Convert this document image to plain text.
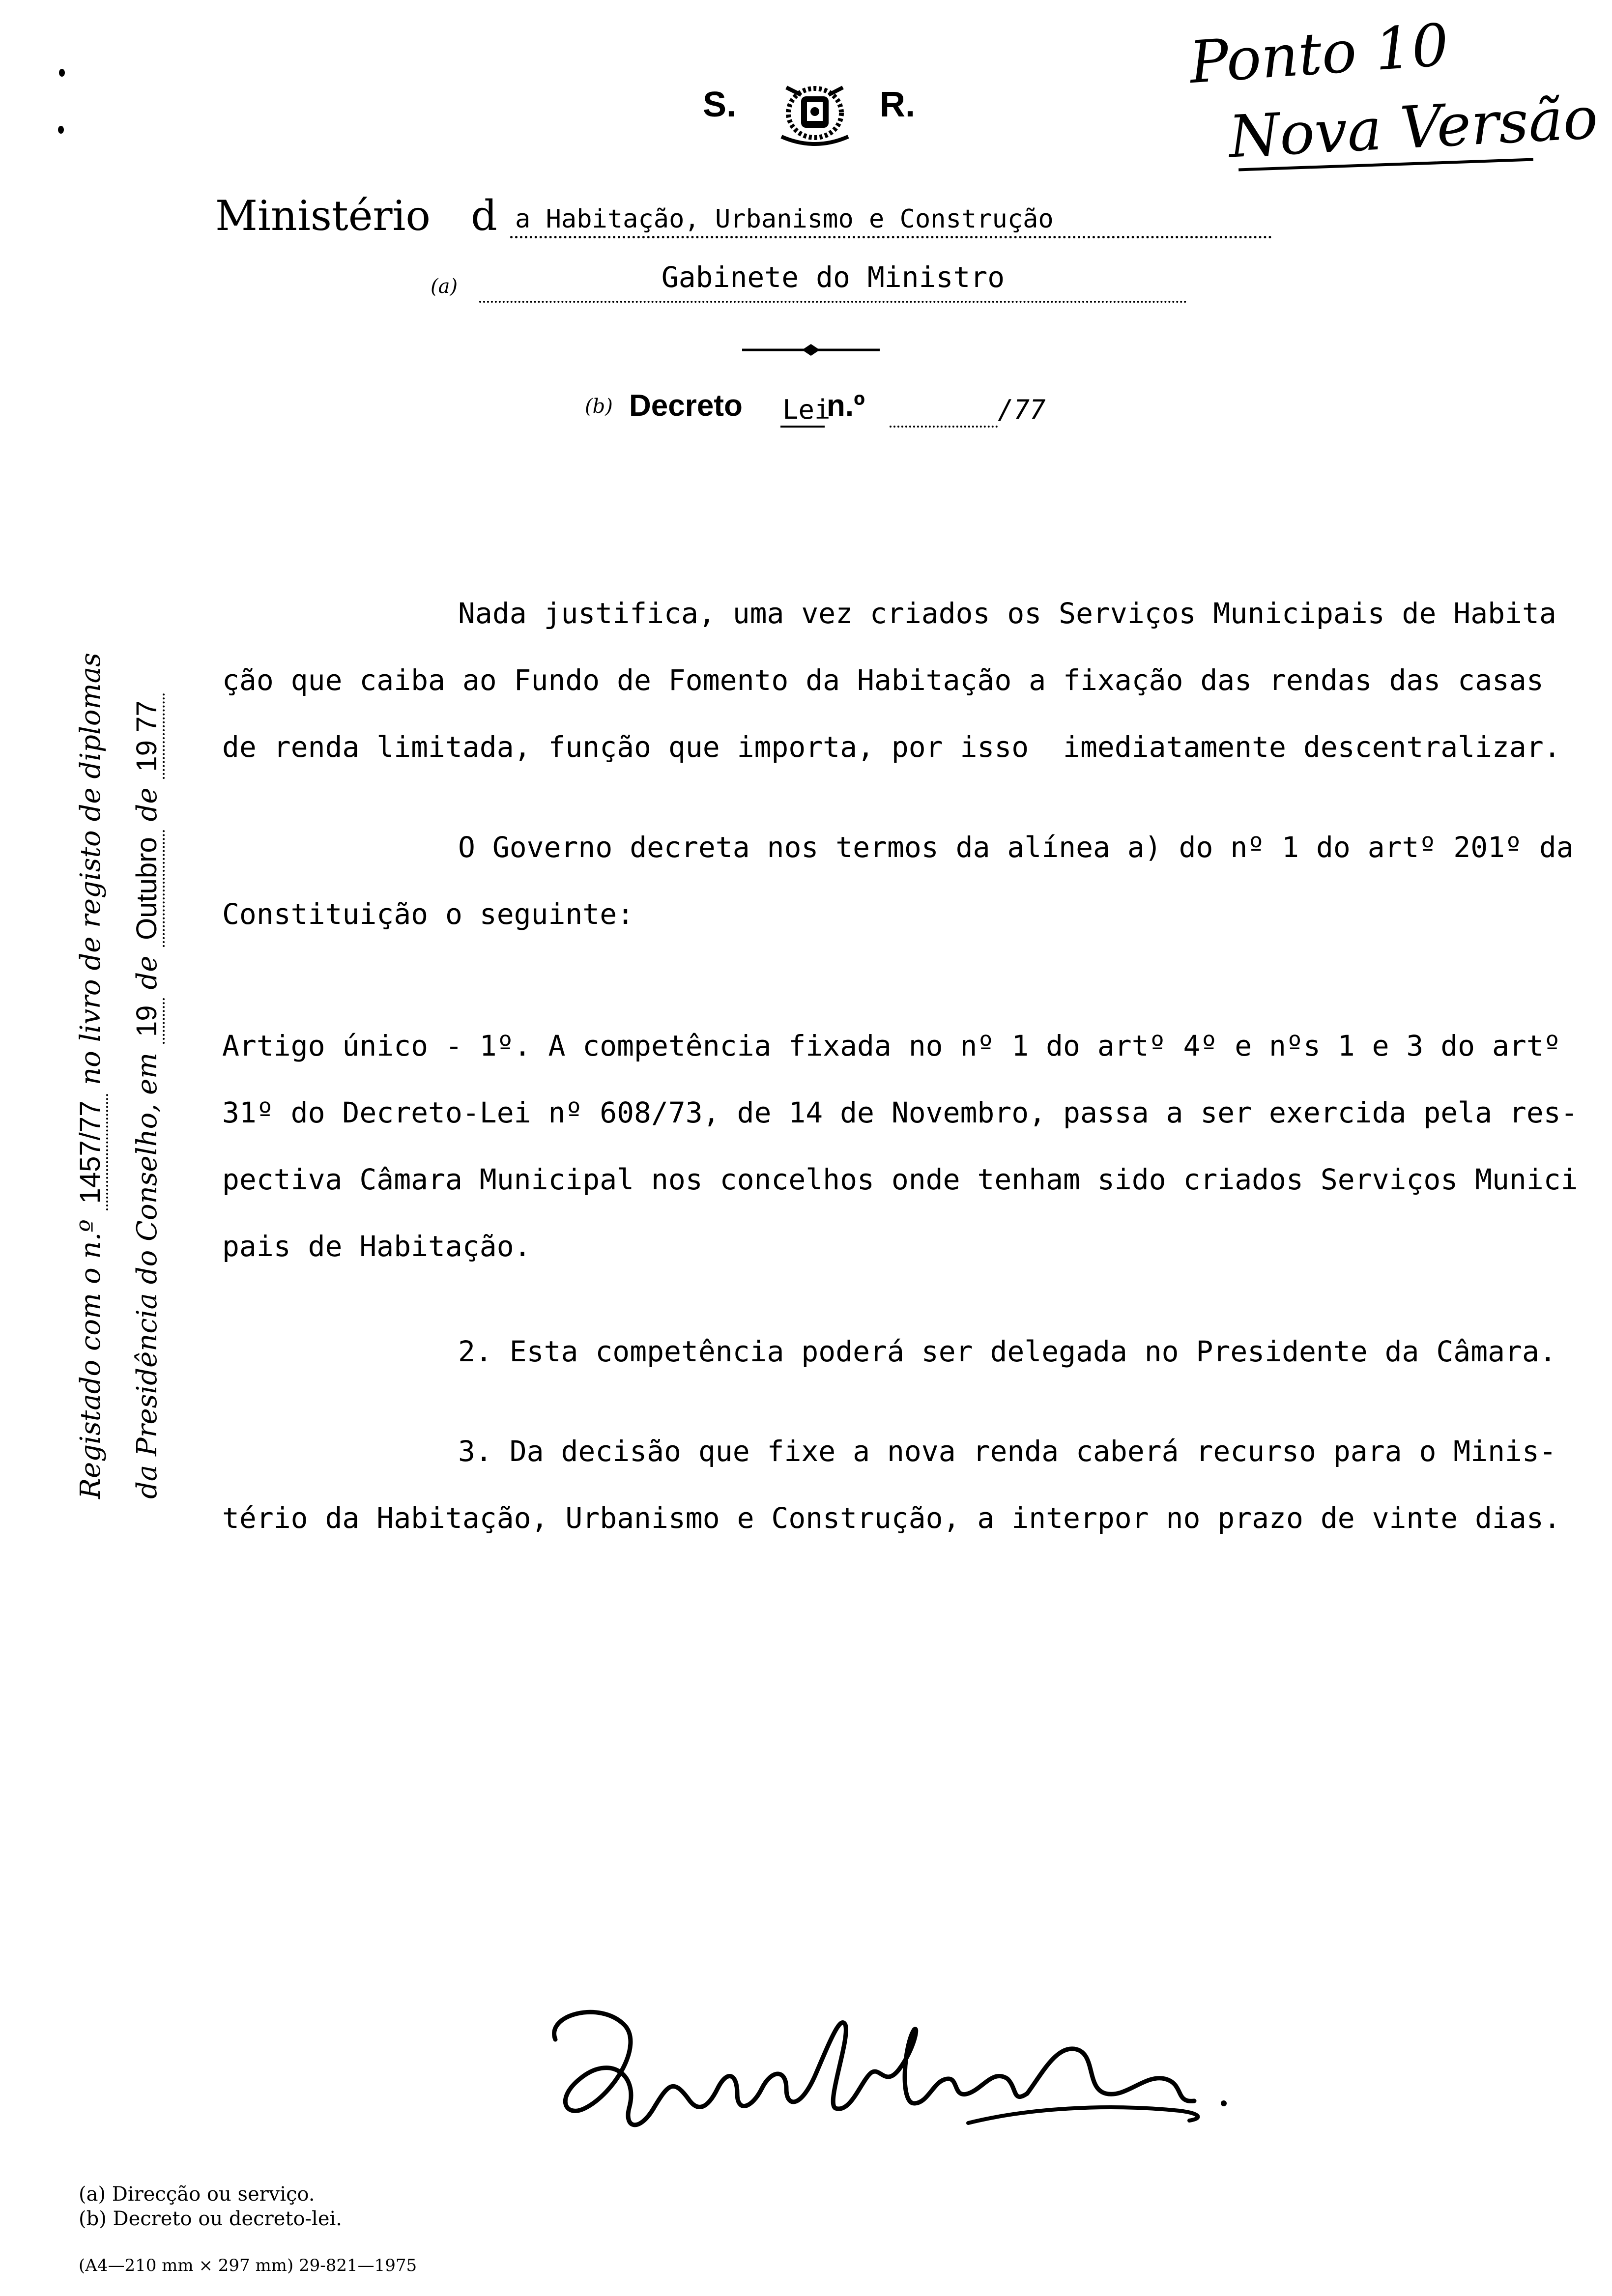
S.	R.
Ministério d a Habitação, Urbanismo e Construção
(a)	Gabinete do Ministro
(b) Decreto Lei
n.º	/77
Ponto 10
Nova Versão
Registado com o n.º 1457/77 no livro de registo de diplomas
da Presidência do Conselho, em 19 de Outubro de 19 77
Nada justifica, uma vez criados os Serviços Municipais de Habita
ção que caiba ao Fundo de Fomento da Habitação a fixação das rendas das casas
de renda limitada, função que importa, por isso  imediatamente descentralizar.
O Governo decreta nos termos da alínea a) do nº 1 do artº 201º da
Constituição o seguinte:
Artigo único - 1º. A competência fixada no nº 1 do artº 4º e nºs 1 e 3 do artº
31º do Decreto-Lei nº 608/73, de 14 de Novembro, passa a ser exercida pela res-
pectiva Câmara Municipal nos concelhos onde tenham sido criados Serviços Munici
pais de Habitação.
2. Esta competência poderá ser delegada no Presidente da Câmara.
3. Da decisão que fixe a nova renda caberá recurso para o Minis-
tério da Habitação, Urbanismo e Construção, a interpor no prazo de vinte dias.
(a) Direcção ou serviço.
(b) Decreto ou decreto-lei.
(A4—210 mm × 297 mm) 29-821—1975
